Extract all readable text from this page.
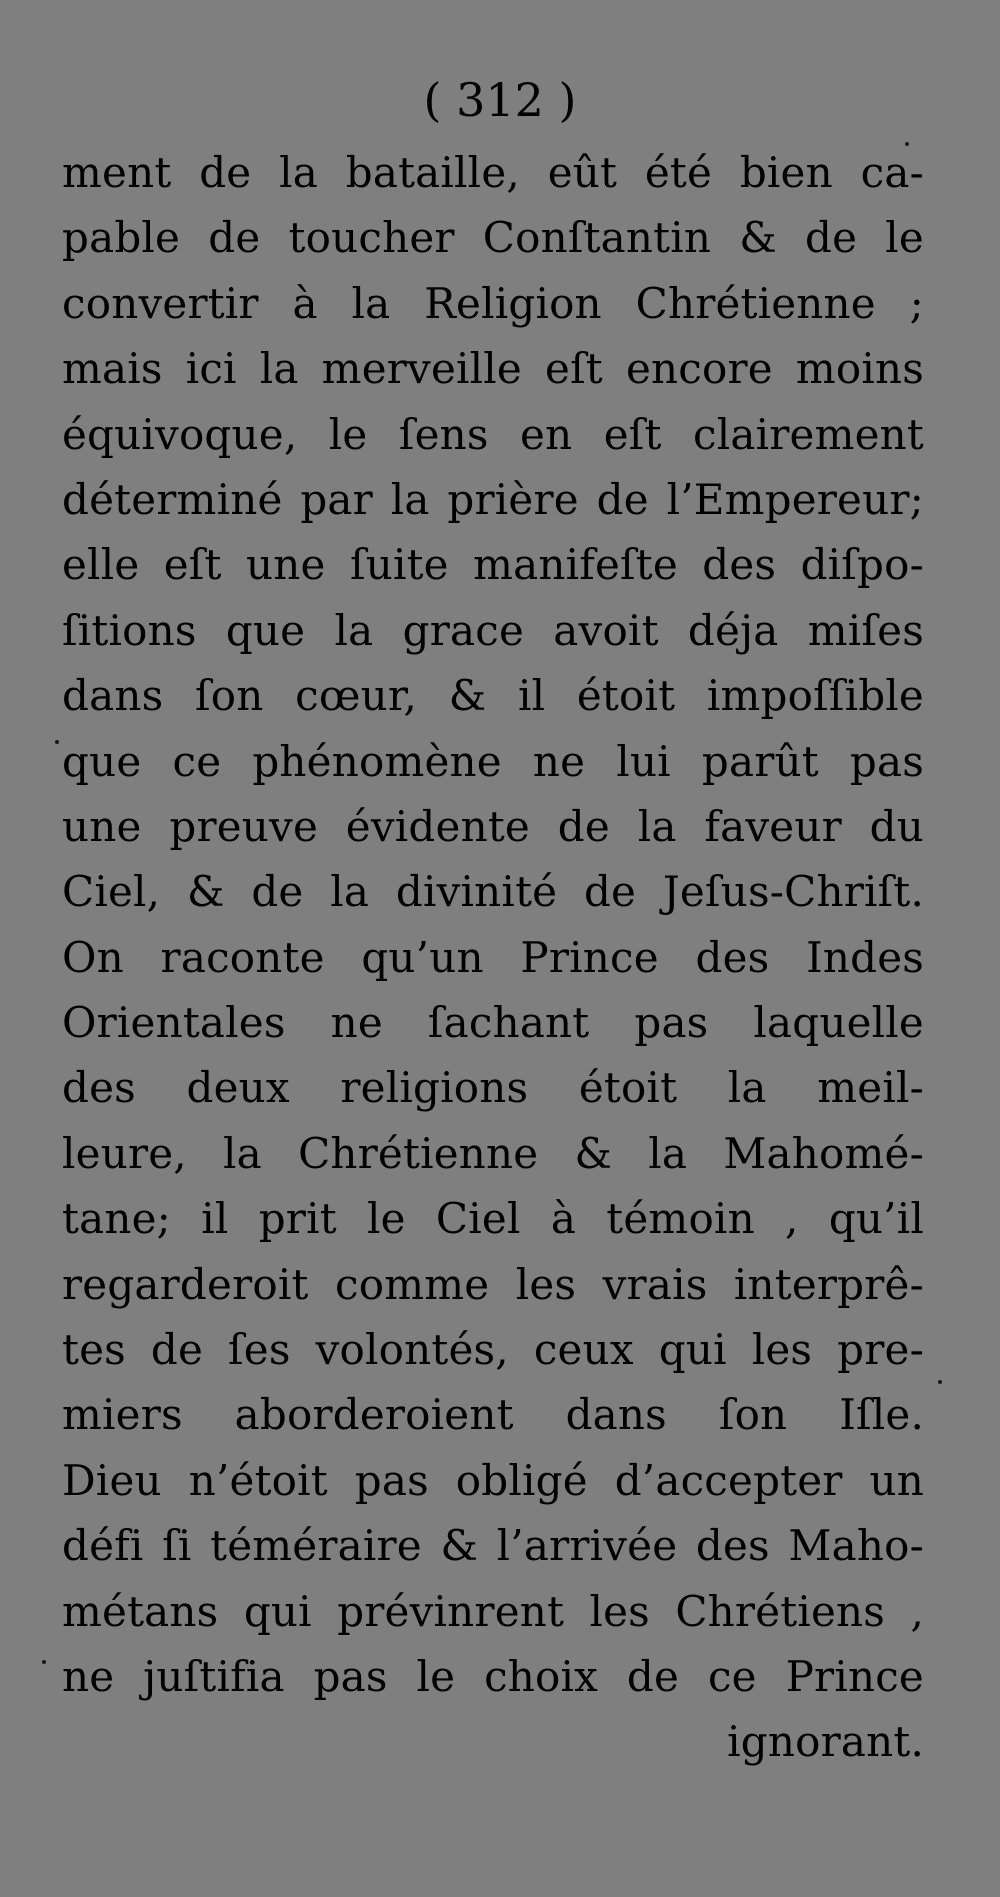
( 312 )
ment de la bataille, eût été bien ca-
pable de toucher Conſtantin & de le
convertir à la Religion Chrétienne ;
mais ici la merveille eſt encore moins
équivoque, le ſens en eſt clairement
déterminé par la prière de l’Empereur;
elle eſt une ſuite manifeſte des diſpo-
ſitions que la grace avoit déja miſes
dans ſon cœur, & il étoit impoſſible
que ce phénomène ne lui parût pas
une preuve évidente de la faveur du
Ciel, & de la divinité de Jeſus-Chriſt.
On raconte qu’un Prince des Indes
Orientales ne ſachant pas laquelle
des deux religions étoit la meil-
leure, la Chrétienne & la Mahomé-
tane; il prit le Ciel à témoin , qu’il
regarderoit comme les vrais interprê-
tes de ſes volontés, ceux qui les pre-
miers aborderoient dans ſon Iſle.
Dieu n’étoit pas obligé d’accepter un
défi ſi téméraire & l’arrivée des Maho-
métans qui prévinrent les Chrétiens ,
ne juſtifia pas le choix de ce Prince
ignorant.
